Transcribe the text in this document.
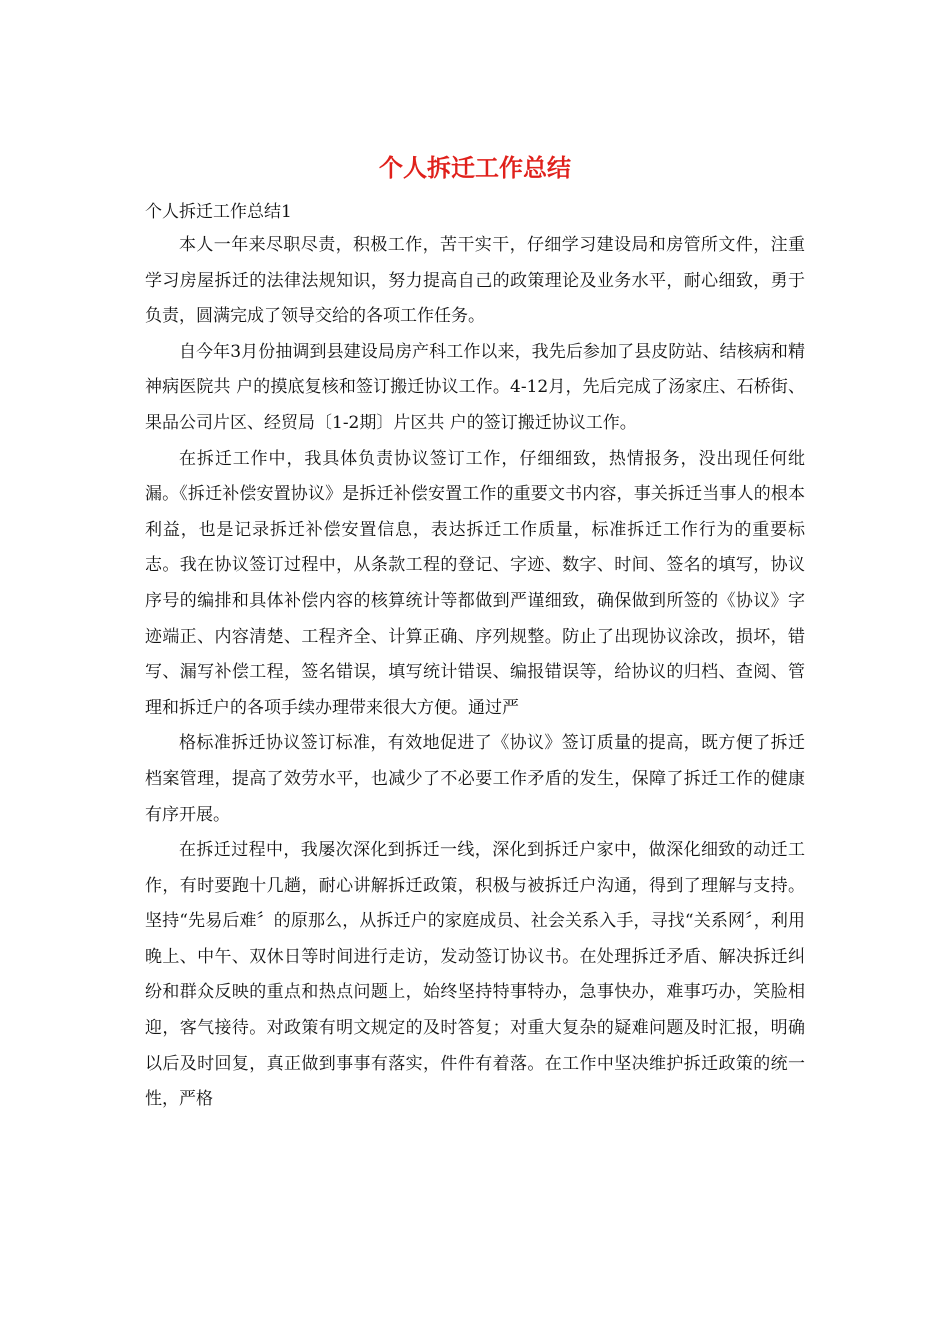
个人拆迁工作总结

个人拆迁工作总结1

本人一年来尽职尽责，积极工作，苦干实干，仔细学习建设局和房管所文件，注重学习房屋拆迁的法律法规知识，努力提高自己的政策理论及业务水平，耐心细致，勇于负责，圆满完成了领导交给的各项工作任务。

自今年3月份抽调到县建设局房产科工作以来，我先后参加了县皮防站、结核病和精神病医院共 户的摸底复核和签订搬迁协议工作。4-12月，先后完成了汤家庄、石桥街、果品公司片区、经贸局〔1-2期〕片区共 户的签订搬迁协议工作。

在拆迁工作中，我具体负责协议签订工作，仔细细致，热情报务，没出现任何纰漏。《拆迁补偿安置协议》是拆迁补偿安置工作的重要文书内容，事关拆迁当事人的根本利益，也是记录拆迁补偿安置信息，表达拆迁工作质量，标准拆迁工作行为的重要标志。我在协议签订过程中，从条款工程的登记、字迹、数字、时间、签名的填写，协议序号的编排和具体补偿内容的核算统计等都做到严谨细致，确保做到所签的《协议》字迹端正、内容清楚、工程齐全、计算正确、序列规整。防止了出现协议涂改，损坏，错写、漏写补偿工程，签名错误，填写统计错误、编报错误等，给协议的归档、查阅、管理和拆迁户的各项手续办理带来很大方便。通过严

格标准拆迁协议签订标准，有效地促进了《协议》签订质量的提高，既方便了拆迁档案管理，提高了效劳水平，也减少了不必要工作矛盾的发生，保障了拆迁工作的健康有序开展。

在拆迁过程中，我屡次深化到拆迁一线，深化到拆迁户家中，做深化细致的动迁工作，有时要跑十几趟，耐心讲解拆迁政策，积极与被拆迁户沟通，得到了理解与支持。坚持“先易后难〞的原那么，从拆迁户的家庭成员、社会关系入手，寻找“关系网〞，利用晚上、中午、双休日等时间进行走访，发动签订协议书。在处理拆迁矛盾、解决拆迁纠纷和群众反映的重点和热点问题上，始终坚持特事特办，急事快办，难事巧办，笑脸相迎，客气接待。对政策有明文规定的及时答复；对重大复杂的疑难问题及时汇报，明确以后及时回复，真正做到事事有落实，件件有着落。在工作中坚决维护拆迁政策的统一性，严格
